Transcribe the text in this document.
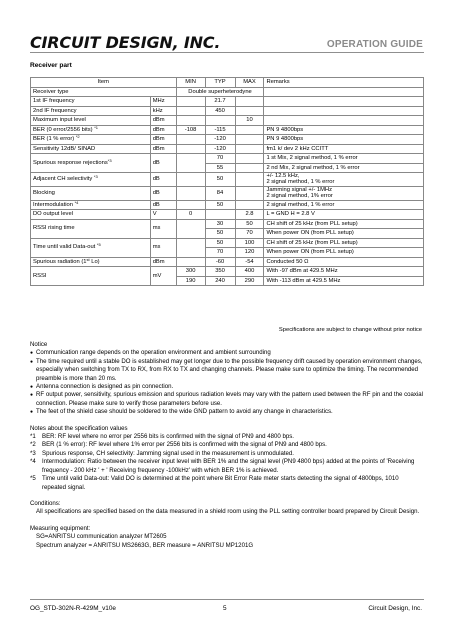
CIRCUIT DESIGN, INC.	OPERATION GUIDE
Receiver part
Item		MIN	TYP	MAX	Remarks
Receiver type		Double superheterodyne			
1st IF frequency	MHz		21.7		
2nd IF frequency	kHz		450		
Maximum input level	dBm			10	
BER (0 error/2556 bits) $^{*1}$	dBm	-108	-115		PN 9 4800bps
BER (1 % error) $^{*2}$	dBm		-120		PN 9 4800bps
Sensitivity 12dB/ SINAD	dBm		-120		fm1 k/ dev 2 kHz CCITT
Spurious response rejections$^{*3}$	dB		70		1 st Mix, 2 signal method, 1 % error
			55		2 nd Mix, 2 signal method, 1 % error
Adjacent CH selectivity $^{*3}$	dB		50		+/- 12.5 kHz,
2 signal method, 1 % error
Blocking	dB		84		Jamming signal +/- 1MHz
2 signal method, 1% error
Intermodulation $^{*4}$	dB		50		2 signal method, 1 % error
DO output level	V	0		2.8	L = GND H = 2.8 V
RSSI rising time	ms		30	50	CH shift of 25 kHz (from PLL setup)
			50	70	When power ON (from PLL setup)
Time until valid Data-out $^{*5}$	ms		50	100	CH shift of 25 kHz (from PLL setup)
			70	120	When power ON (from PLL setup)
Spurious radiation (1st Lo)	dBm		-60	-54	Conducted 50 Ω
RSSI	mV	300	350	400	With -97 dBm at 429.5 MHz
		190	240	290	With -113 dBm at 429.5 MHz
Specifications are subject to change without prior notice

Notice

● Communication range depends on the operation environment and ambient surrounding
● The time required until a stable DO is established may get longer due to the possible frequency drift caused by operation environment changes, especially when switching from TX to RX, from RX to TX and changing channels. Please make sure to optimize the timing. The recommended preamble is more than 20 ms.
● Antenna connection is designed as pin connection.
● RF output power, sensitivity, spurious emission and spurious radiation levels may vary with the pattern used between the RF pin and the coaxial connection. Please make sure to verify those parameters before use.
● The feet of the shield case should be soldered to the wide GND pattern to avoid any change in characteristics.

Notes about the specification values

*1	BER: RF level where no error per 2556 bits is confirmed with the signal of PN9 and 4800 bps.
*2	BER (1 % error): RF level where 1% error per 2556 bits is confirmed with the signal of PN9 and 4800 bps.
*3	Spurious response, CH selectivity: Jamming signal used in the measurement is unmodulated.
*4	Intermodulation: Ratio between the receiver input level with BER 1% and the signal level (PN9 4800 bps) added at the points of 'Receiving frequency - 200 kHz ' + ' Receiving frequency -100kHz' with which BER 1% is achieved.
*5	Time until valid Data-out: Valid DO is determined at the point where Bit Error Rate meter starts detecting the signal of 4800bps, 1010 repeated signal.

Conditions:

All specifications are specified based on the data measured in a shield room using the PLL setting controller board prepared by Circuit Design.

Measuring equipment:

SG=ANRITSU communication analyzer MT2605

Spectrum analyzer = ANRITSU MS2663G, BER measure = ANRITSU MP1201G

OG_STD-302N-R-429M_v10e	5	Circuit Design, Inc.
